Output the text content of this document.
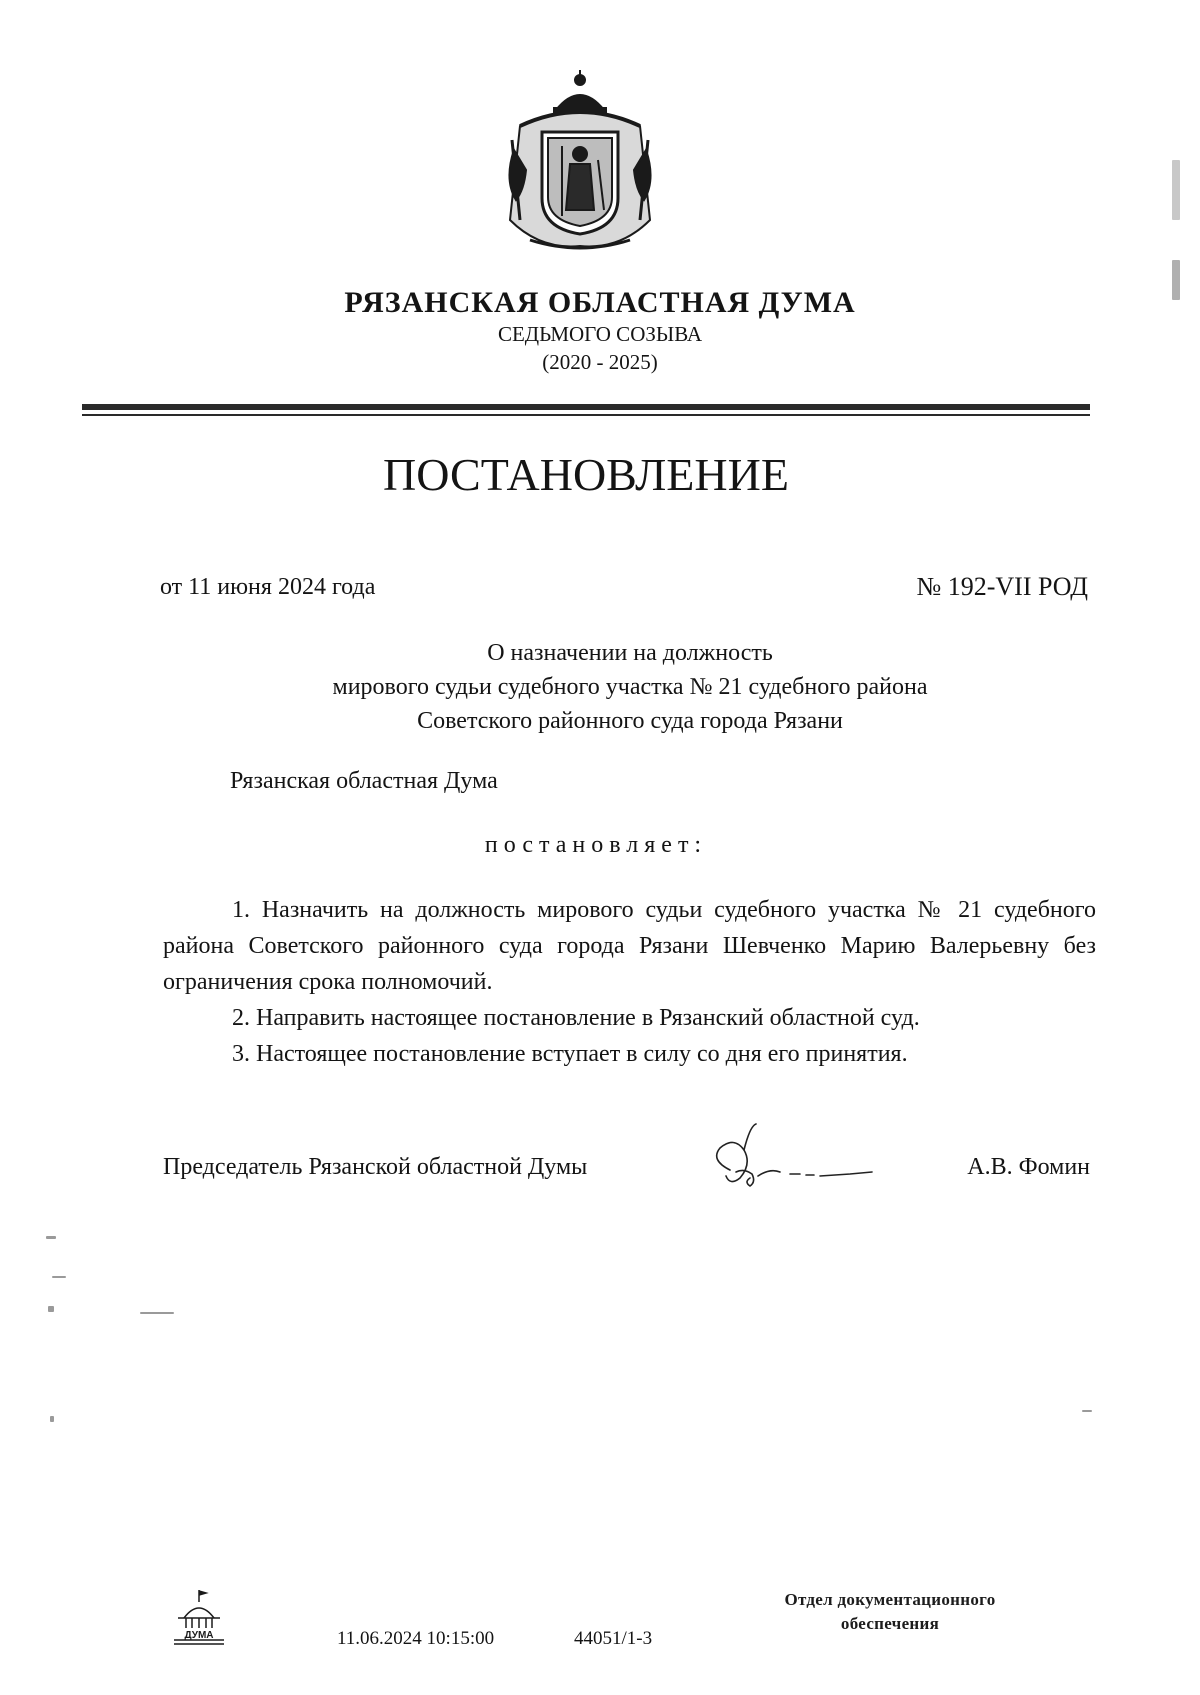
РЯЗАНСКАЯ ОБЛАСТНАЯ ДУМА
СЕДЬМОГО СОЗЫВА
(2020 - 2025)
ПОСТАНОВЛЕНИЕ
от 11 июня 2024 года	№ 192-VII РОД
О назначении на должность
мирового судьи судебного участка № 21 судебного района
Советского районного суда города Рязани
Рязанская областная Дума
постановляет:

1. Назначить на должность мирового судьи судебного участка № 21 судебного района Советского районного суда города Рязани Шевченко Марию Валерьевну без ограничения срока полномочий.

2. Направить настоящее постановление в Рязанский областной суд.

3. Настоящее постановление вступает в силу со дня его принятия.

Председатель Рязанской областной Думы	А.В. Фомин
ДУМА	11.06.2024 10:15:00	44051/1-3
Отдел документационного
обеспечения
